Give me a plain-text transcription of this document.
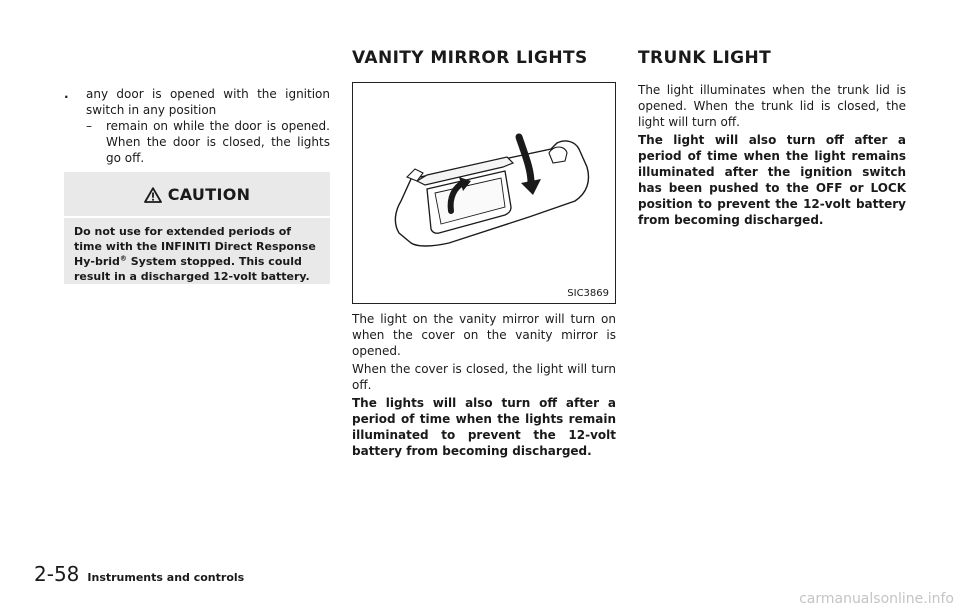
.	any door is opened with the ignition switch in any position
–	remain on while the door is opened. When the door is closed, the lights go off.
CAUTION
Do not use for extended periods of time with the INFINITI Direct Response Hy-brid® System stopped. This could result in a discharged 12-volt battery.
VANITY MIRROR LIGHTS
SIC3869
The light on the vanity mirror will turn on when the cover on the vanity mirror is opened.
When the cover is closed, the light will turn off.
The lights will also turn off after a period of time when the lights remain illuminated to prevent the 12-volt battery from becoming discharged.
TRUNK LIGHT
The light illuminates when the trunk lid is opened. When the trunk lid is closed, the light will turn off.
The light will also turn off after a period of time when the light remains illuminated after the ignition switch has been pushed to the OFF or LOCK position to prevent the 12-volt battery from becoming discharged.
2-58 Instruments and controls
carmanualsonline.info
